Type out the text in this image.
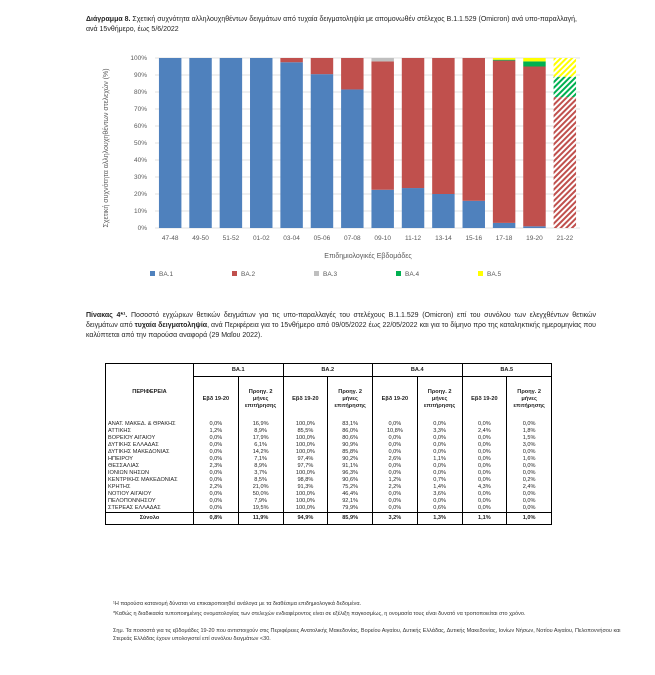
Διάγραμμα 8. Σχετική συχνότητα αλληλουχηθέντων δειγμάτων από τυχαία δειγματοληψία με απομονωθέν στέλεχος B.1.1.529 (Omicron) ανά υπο-παραλλαγή, ανά 15νθήμερο, έως 5/6/2022
0%
10%
20%
30%
40%
50%
60%
70%
80%
90%
100%
47-48 49-50 51-52 01-02 03-04 05-06 07-08 09-10 11-12 13-14 15-16 17-18 19-20 21-22
Σχετική συχνότητα αλληλουχηθέντων στελεχών (%)
Επιδημιολογικές Εβδομάδες
BA.1	BA.2	BA.3	BA.4	BA.5
Πίνακας 4*¹. Ποσοστό εγχώριων θετικών δειγμάτων για τις υπο-παραλλαγές του στελέχους B.1.1.529 (Omicron) επί του συνόλου των ελεγχθέντων θετικών δειγμάτων από τυχαία δειγματοληψία, ανά Περιφέρεια για το 15νθήμερο από 09/05/2022 έως 22/05/2022 και για το δίμηνο προ της καταληκτικής ημερομηνίας που καλύπτεται από την παρούσα αναφορά (29 Μαΐου 2022).
ΠΕΡΙΦΕΡΕΙΑ	BA.1		BA.2		BA.4		BA.5	
	Εβδ 19-20	Προηγ. 2 μήνες επιτήρησης	Εβδ 19-20	Προηγ. 2 μήνες επιτήρησης	Εβδ 19-20	Προηγ. 2 μήνες επιτήρησης	Εβδ 19-20	Προηγ. 2 μήνες επιτήρησης
ΑΝΑΤ. ΜΑΚΕΔ. & ΘΡΑΚΗΣ	0,0%	16,9%	100,0%	83,1%	0,0%	0,0%	0,0%	0,0%
ΑΤΤΙΚΗΣ	1,2%	8,9%	85,5%	86,0%	10,8%	3,3%	2,4%	1,8%
ΒΟΡΕΙΟΥ ΑΙΓΑΙΟΥ	0,0%	17,9%	100,0%	80,6%	0,0%	0,0%	0,0%	1,5%
ΔΥΤΙΚΗΣ ΕΛΛΑΔΑΣ	0,0%	6,1%	100,0%	90,9%	0,0%	0,0%	0,0%	3,0%
ΔΥΤΙΚΗΣ ΜΑΚΕΔΟΝΙΑΣ	0,0%	14,2%	100,0%	85,8%	0,0%	0,0%	0,0%	0,0%
ΗΠΕΙΡΟΥ	0,0%	7,1%	97,4%	90,2%	2,6%	1,1%	0,0%	1,6%
ΘΕΣΣΑΛΙΑΣ	2,3%	8,9%	97,7%	91,1%	0,0%	0,0%	0,0%	0,0%
ΙΟΝΙΩΝ ΝΗΣΩΝ	0,0%	3,7%	100,0%	96,3%	0,0%	0,0%	0,0%	0,0%
ΚΕΝΤΡΙΚΗΣ ΜΑΚΕΔΟΝΙΑΣ	0,0%	8,5%	98,8%	90,6%	1,2%	0,7%	0,0%	0,2%
ΚΡΗΤΗΣ	2,2%	21,0%	91,3%	75,2%	2,2%	1,4%	4,3%	2,4%
ΝΟΤΙΟΥ ΑΙΓΑΙΟΥ	0,0%	50,0%	100,0%	46,4%	0,0%	3,6%	0,0%	0,0%
ΠΕΛΟΠΟΝΝΗΣΟΥ	0,0%	7,9%	100,0%	92,1%	0,0%	0,0%	0,0%	0,0%
ΣΤΕΡΕΑΣ ΕΛΛΑΔΑΣ	0,0%	19,5%	100,0%	79,9%	0,0%	0,6%	0,0%	0,0%
Σύνολο	0,8%	11,9%	94,9%	85,9%	3,2%	1,3%	1,1%	1,0%
¹Η παρούσα κατανομή δύναται να επικαιροποιηθεί ανάλογα με τα διαθέσιμα επιδημιολογικά δεδομένα.
*Καθώς η διαδικασία τυποποιημένης ονοματολογίας των στελεχών ενδιαφέροντος είναι σε εξέλιξη παγκοσμίως, η ονομασία τους είναι δυνατό να τροποποιείται στο χρόνο.
Σημ. Τα ποσοστά για τις εβδομάδες 19-20 που αντιστοιχούν στις Περιφέρειες Ανατολικής Μακεδονίας, Βορείου Αιγαίου, Δυτικής Ελλάδας, Δυτικής Μακεδονίας, Ιονίων Νήσων, Νοτίου Αιγαίου, Πελοποννήσου και Στερεάς Ελλάδας έχουν υπολογιστεί επί συνόλου δειγμάτων <30.
